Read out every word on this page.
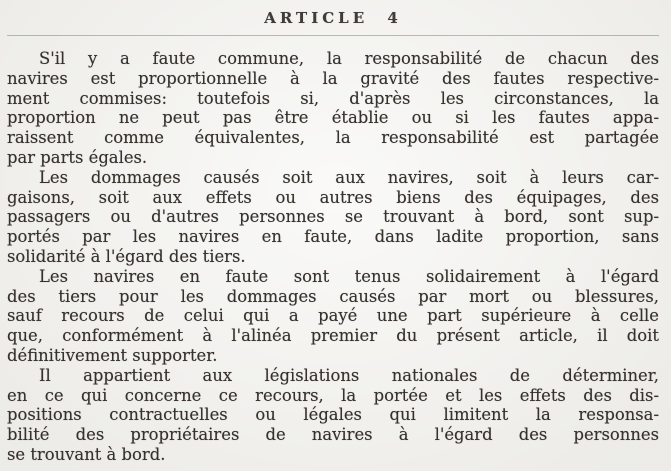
ARTICLE 4
S'il y a faute commune, la responsabilité de chacun des
navires est proportionnelle à la gravité des fautes respective-
ment commises: toutefois si, d'après les circonstances, la
proportion ne peut pas être établie ou si les fautes appa-
raissent comme équivalentes, la responsabilité est partagée
par parts égales.
Les dommages causés soit aux navires, soit à leurs car-
gaisons, soit aux effets ou autres biens des équipages, des
passagers ou d'autres personnes se trouvant à bord, sont sup-
portés par les navires en faute, dans ladite proportion, sans
solidarité à l'égard des tiers.
Les navires en faute sont tenus solidairement à l'égard
des tiers pour les dommages causés par mort ou blessures,
sauf recours de celui qui a payé une part supérieure à celle
que, conformément à l'alinéa premier du présent article, il doit
définitivement supporter.
Il appartient aux législations nationales de déterminer,
en ce qui concerne ce recours, la portée et les effets des dis-
positions contractuelles ou légales qui limitent la responsa-
bilité des propriétaires de navires à l'égard des personnes
se trouvant à bord.
